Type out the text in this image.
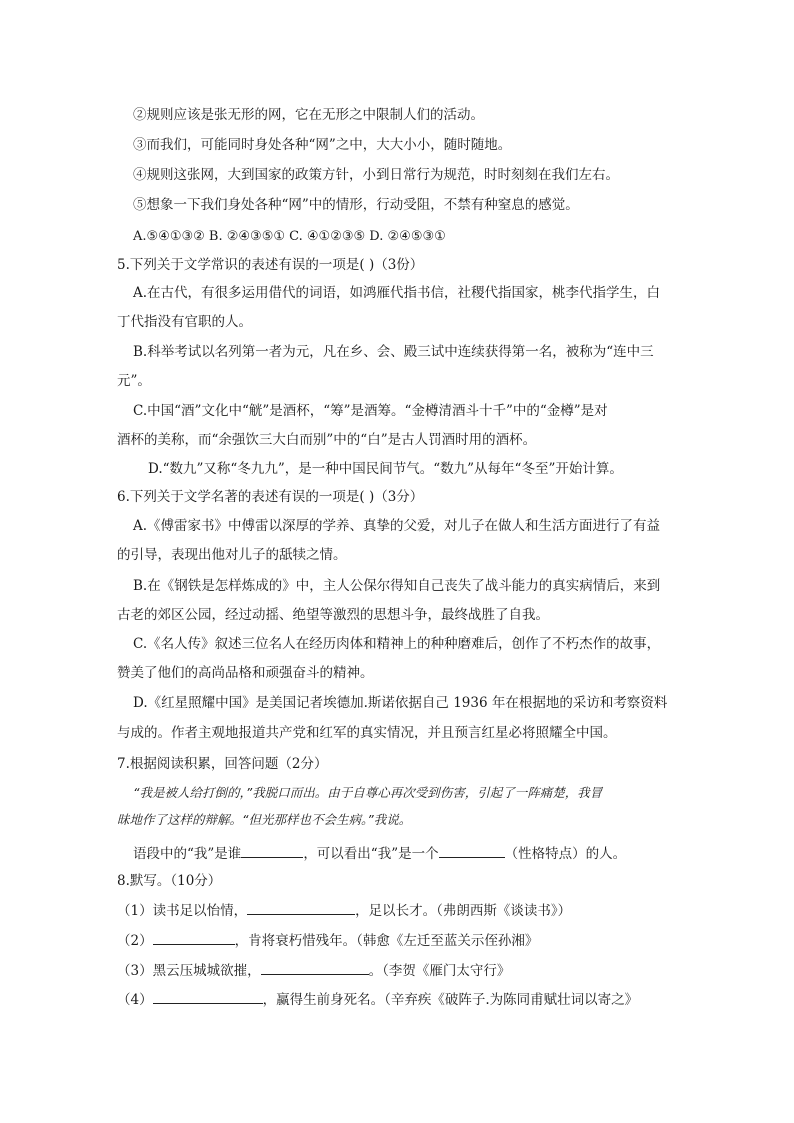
②规则应该是张无形的网，它在无形之中限制人们的活动。
③而我们，可能同时身处各种“网”之中，大大小小，随时随地。
④规则这张网，大到国家的政策方针，小到日常行为规范，时时刻刻在我们左右。
⑤想象一下我们身处各种“网”中的情形，行动受阻，不禁有种窒息的感觉。
A.⑤④①③② B. ②④③⑤① C. ④①②③⑤ D. ②④⑤③①
5.下列关于文学常识的表述有误的一项是( )（3份）
A.在古代，有很多运用借代的词语，如鸿雁代指书信，社稷代指国家，桃李代指学生，白
丁代指没有官职的人。
B.科举考试以名列第一者为元，凡在乡、会、殿三试中连续获得第一名，被称为“连中三
元”。
C.中国“酒”文化中“觥”是酒杯，“筹”是酒筹。“金樽清酒斗十千”中的“金樽”是对
酒杯的美称，而“余强饮三大白而别”中的“白”是古人罚酒时用的酒杯。
D.“数九”又称“冬九九”，是一种中国民间节气。“数九”从每年“冬至”开始计算。
6.下列关于文学名著的表述有误的一项是( )（3分）
A.《傅雷家书》中傅雷以深厚的学养、真挚的父爱，对儿子在做人和生活方面进行了有益
的引导，表现出他对儿子的舐犊之情。
B.在《钢铁是怎样炼成的》中，主人公保尔得知自己丧失了战斗能力的真实病情后，来到
古老的郊区公园，经过动摇、绝望等激烈的思想斗争，最终战胜了自我。
C.《名人传》叙述三位名人在经历肉体和精神上的种种磨难后，创作了不朽杰作的故事，
赞美了他们的高尚品格和顽强奋斗的精神。
D.《红星照耀中国》是美国记者埃德加.斯诺依据自己 1936 年在根据地的采访和考察资料
与成的。作者主观地报道共产党和红军的真实情况，并且预言红星必将照耀全中国。
7.根据阅读积累，回答问题（2分）
“我是被人给打倒的，”我脱口而出。由于自尊心再次受到伤害，引起了一阵痛楚，我冒
昧地作了这样的辩解。“但光那样也不会生病。”我说。
语段中的“我”是谁	，可以看出“我”是一个	（性格特点）的人。
8.默写。（10分）
（1）读书足以怡情，	，足以长才。（弗朗西斯《谈读书》）
（2）	，肯将衰朽惜残年。（韩愈《左迁至蓝关示侄孙湘》
（3）黑云压城城欲摧，	。（李贺《雁门太守行》
（4）	，赢得生前身死名。（辛弃疾《破阵子.为陈同甫赋壮词以寄之》
